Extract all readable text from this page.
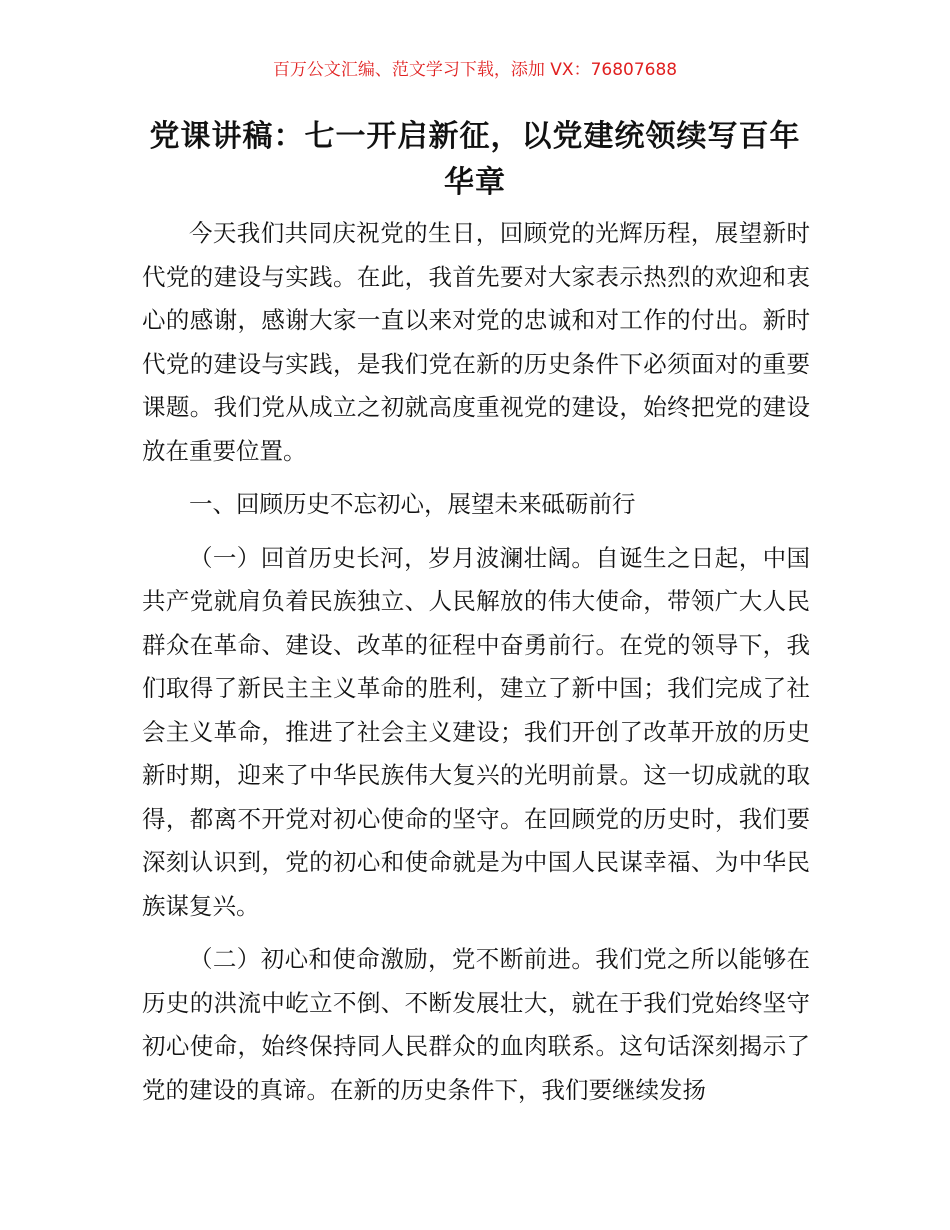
百万公文汇编、范文学习下载，添加 VX：76807688
党课讲稿：七一开启新征，以党建统领续写百年华章

今天我们共同庆祝党的生日，回顾党的光辉历程，展望新时代党的建设与实践。在此，我首先要对大家表示热烈的欢迎和衷心的感谢，感谢大家一直以来对党的忠诚和对工作的付出。新时代党的建设与实践，是我们党在新的历史条件下必须面对的重要课题。我们党从成立之初就高度重视党的建设，始终把党的建设放在重要位置。

一、回顾历史不忘初心，展望未来砥砺前行

（一）回首历史长河，岁月波澜壮阔。自诞生之日起，中国共产党就肩负着民族独立、人民解放的伟大使命，带领广大人民群众在革命、建设、改革的征程中奋勇前行。在党的领导下，我们取得了新民主主义革命的胜利，建立了新中国；我们完成了社会主义革命，推进了社会主义建设；我们开创了改革开放的历史新时期，迎来了中华民族伟大复兴的光明前景。这一切成就的取得，都离不开党对初心使命的坚守。在回顾党的历史时，我们要深刻认识到，党的初心和使命就是为中国人民谋幸福、为中华民族谋复兴。

（二）初心和使命激励，党不断前进。我们党之所以能够在历史的洪流中屹立不倒、不断发展壮大，就在于我们党始终坚守初心使命，始终保持同人民群众的血肉联系。这句话深刻揭示了党的建设的真谛。在新的历史条件下，我们要继续发扬
